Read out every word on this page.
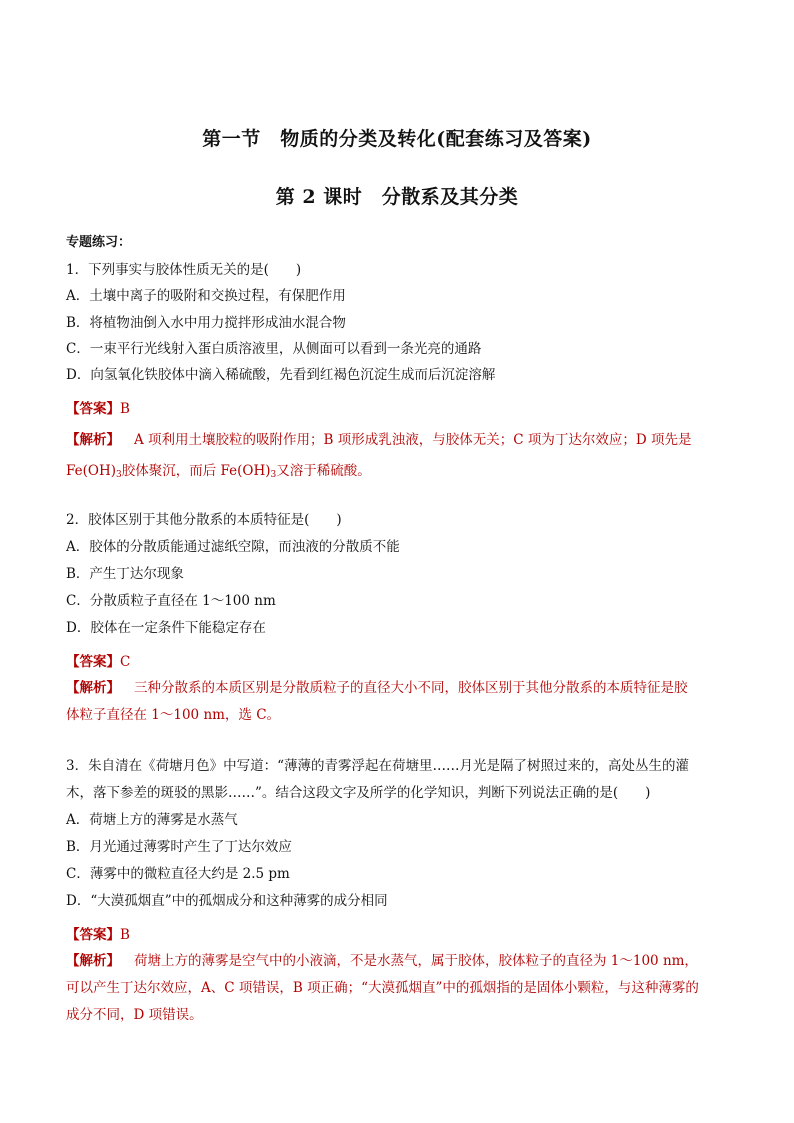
第一节　物质的分类及转化(配套练习及答案)
第 2 课时　分散系及其分类
专题练习：
1．下列事实与胶体性质无关的是(　　)
A．土壤中离子的吸附和交换过程，有保肥作用
B．将植物油倒入水中用力搅拌形成油水混合物
C．一束平行光线射入蛋白质溶液里，从侧面可以看到一条光亮的通路
D．向氢氧化铁胶体中滴入稀硫酸，先看到红褐色沉淀生成而后沉淀溶解
【答案】B
【解析】 A 项利用土壤胶粒的吸附作用；B 项形成乳浊液，与胶体无关；C 项为丁达尔效应；D 项先是
$Fe(OH)_3$胶体聚沉，而后 $Fe(OH)_3$又溶于稀硫酸。
2．胶体区别于其他分散系的本质特征是(　　)
A．胶体的分散质能通过滤纸空隙，而浊液的分散质不能
B．产生丁达尔现象
C．分散质粒子直径在 1～100 nm
D．胶体在一定条件下能稳定存在
【答案】C
【解析】 三种分散系的本质区别是分散质粒子的直径大小不同，胶体区别于其他分散系的本质特征是胶
体粒子直径在 1～100 nm，选 C。
3．朱自清在《荷塘月色》中写道：“薄薄的青雾浮起在荷塘里……月光是隔了树照过来的，高处丛生的灌
木，落下参差的斑驳的黑影……”。结合这段文字及所学的化学知识，判断下列说法正确的是(　　)
A．荷塘上方的薄雾是水蒸气
B．月光通过薄雾时产生了丁达尔效应
C．薄雾中的微粒直径大约是 2.5 pm
D．“大漠孤烟直”中的孤烟成分和这种薄雾的成分相同
【答案】B
【解析】 荷塘上方的薄雾是空气中的小液滴，不是水蒸气，属于胶体，胶体粒子的直径为 1～100 nm，
可以产生丁达尔效应，A、C 项错误，B 项正确；“大漠孤烟直”中的孤烟指的是固体小颗粒，与这种薄雾的
成分不同，D 项错误。
